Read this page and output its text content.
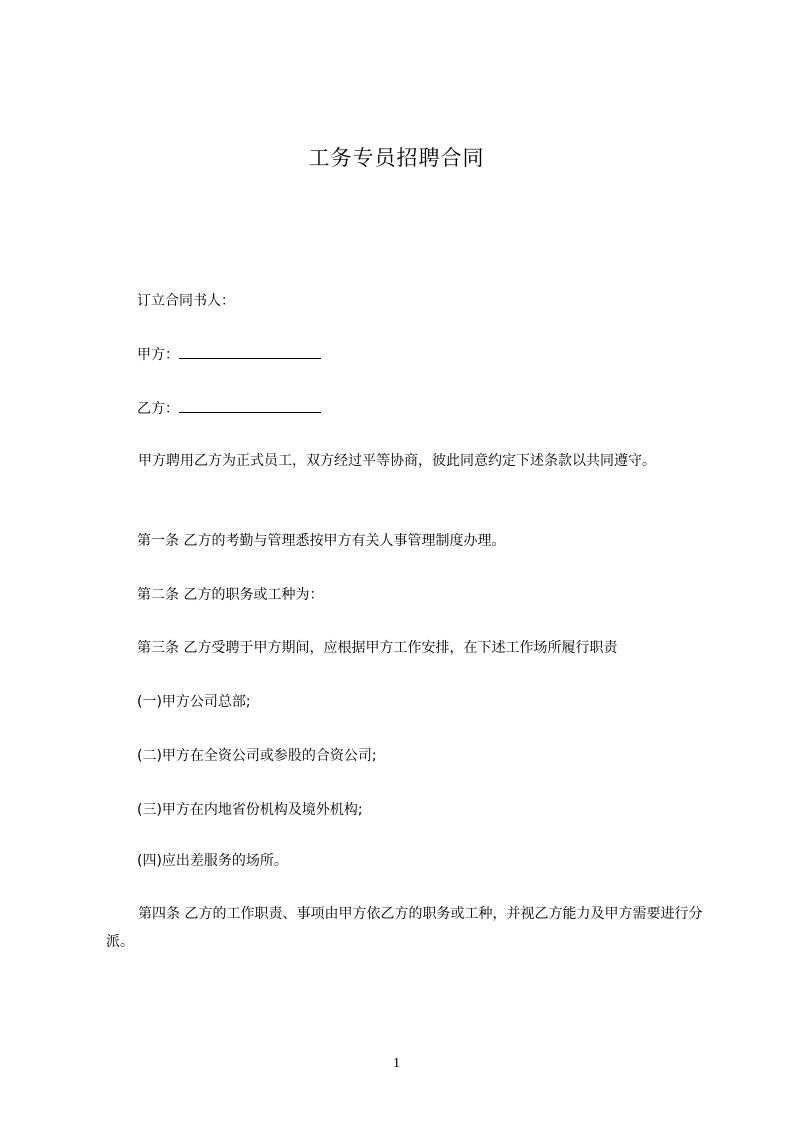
工务专员招聘合同
订立合同书人：
甲方：
乙方：
甲方聘用乙方为正式员工，双方经过平等协商，彼此同意约定下述条款以共同遵守。
第一条 乙方的考勤与管理悉按甲方有关人事管理制度办理。
第二条 乙方的职务或工种为：
第三条 乙方受聘于甲方期间，应根据甲方工作安排，在下述工作场所履行职责
(一)甲方公司总部;
(二)甲方在全资公司或参股的合资公司;
(三)甲方在内地省份机构及境外机构;
(四)应出差服务的场所。
第四条 乙方的工作职责、事项由甲方依乙方的职务或工种，并视乙方能力及甲方需要进行分派。
1
